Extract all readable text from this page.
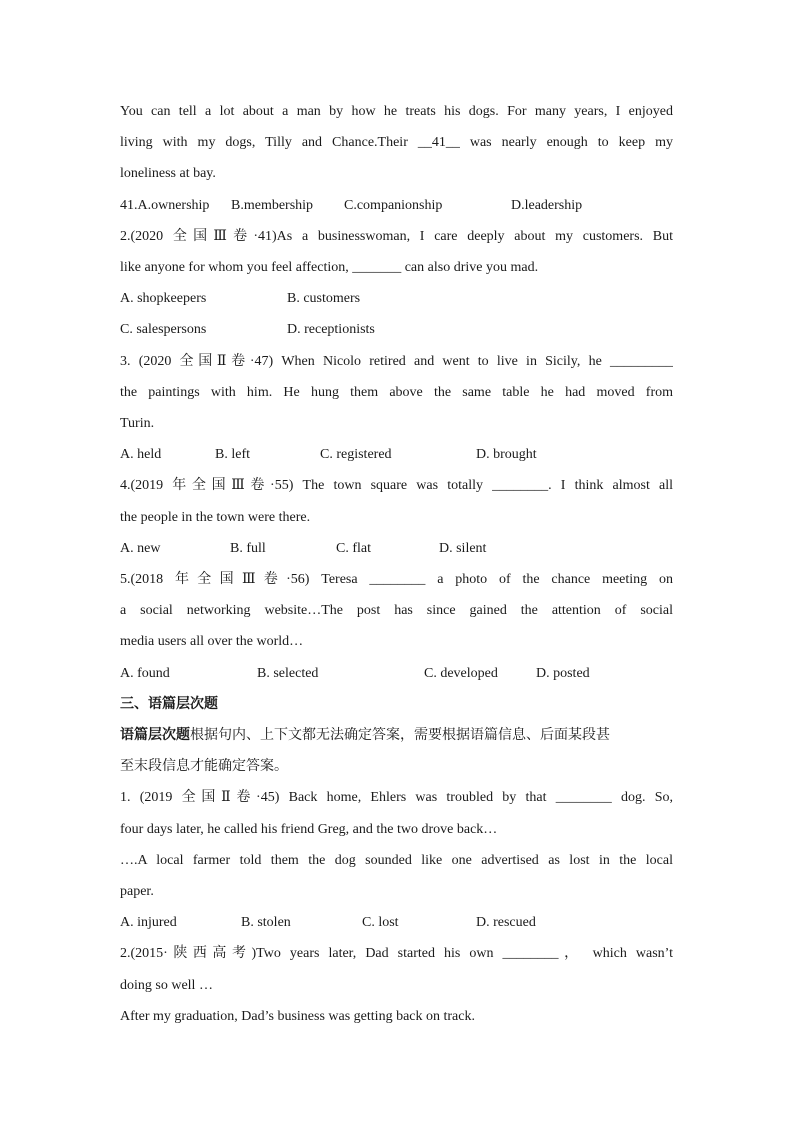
You can tell a lot about a man by how he treats his dogs. For many years, I enjoyed

living with my dogs, Tilly and Chance.Their __41__ was nearly enough to keep my

loneliness at bay.

41.A.ownership	B.membership	C.companionship	D.leadership

2.(2020 全国Ⅲ卷·41)As a businesswoman, I care deeply about my customers. But

like anyone for whom you feel affection, _______ can also drive you mad.

A. shopkeepers	B. customers
C. salespersons	D. receptionists

3. (2020 全国Ⅱ卷·47) When Nicolo retired and went to live in Sicily, he _________

the paintings with him. He hung them above the same table he had moved from

Turin.

A. held	B. left	C. registered	D. brought

4.(2019 年全国Ⅲ卷·55) The town square was totally ________. I think almost all

the people in the town were there.

A. new	B. full	C. flat	D. silent

5.(2018 年全国Ⅲ卷·56) Teresa ________ a photo of the chance meeting on

a social networking website…The post has since gained the attention of social

media users all over the world…

A. found	B. selected	C. developed	D. posted

三、语篇层次题

语篇层次题根据句内、上下文都无法确定答案，需要根据语篇信息、后面某段甚

至末段信息才能确定答案。

1. (2019 全国Ⅱ卷·45) Back home, Ehlers was troubled by that ________ dog. So,

four days later, he called his friend Greg, and the two drove back…

….A local farmer told them the dog sounded like one advertised as lost in the local

paper.

A. injured	B. stolen	C. lost	D. rescued

2.(2015·陕西高考)Two years later, Dad started his own ________， which wasn’t

doing so well …

After my graduation, Dad’s business was getting back on track.
